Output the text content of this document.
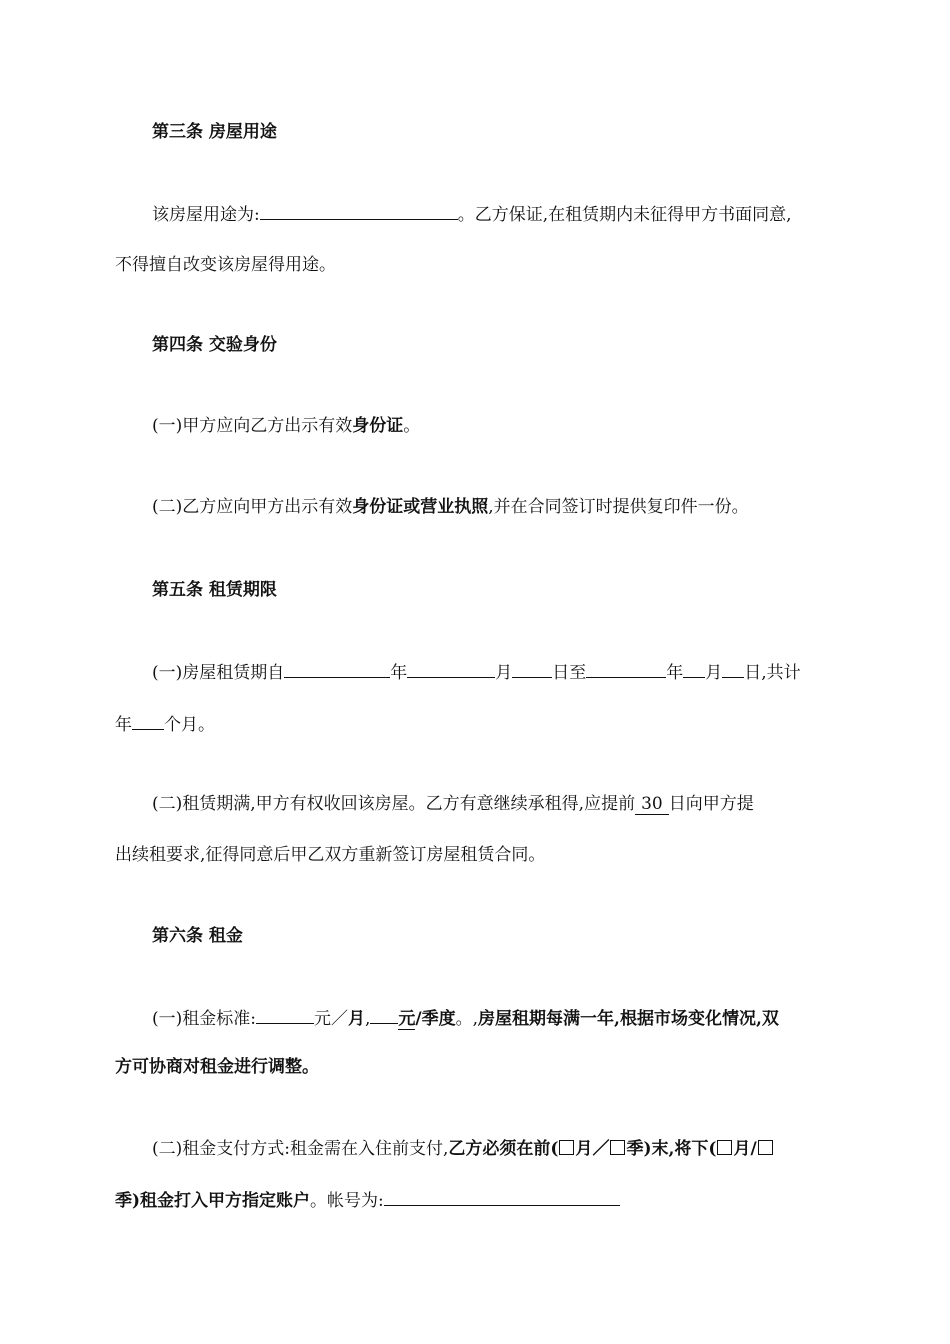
第三条 房屋用途
该房屋用途为:	。乙方保证,在租赁期内未征得甲方书面同意,
不得擅自改变该房屋得用途。
第四条 交验身份
(一)甲方应向乙方出示有效身份证。
(二)乙方应向甲方出示有效身份证或营业执照,并在合同签订时提供复印件一份。
第五条 租赁期限
(一)房屋租赁期自	年	月 日至	年 月 日,共计
年 个月。
(二)租赁期满,甲方有权收回该房屋。乙方有意继续承租得,应提前 30 日向甲方提
出续租要求,征得同意后甲乙双方重新签订房屋租赁合同。
第六条 租金
(一)租金标准:	元／月, 元/季度。,房屋租期每满一年,根据市场变化情况,双
方可协商对租金进行调整。
(二)租金支付方式:租金需在入住前支付,乙方必须在前( 月／ 季)末,将下( 月/
季)租金打入甲方指定账户。帐号为:
